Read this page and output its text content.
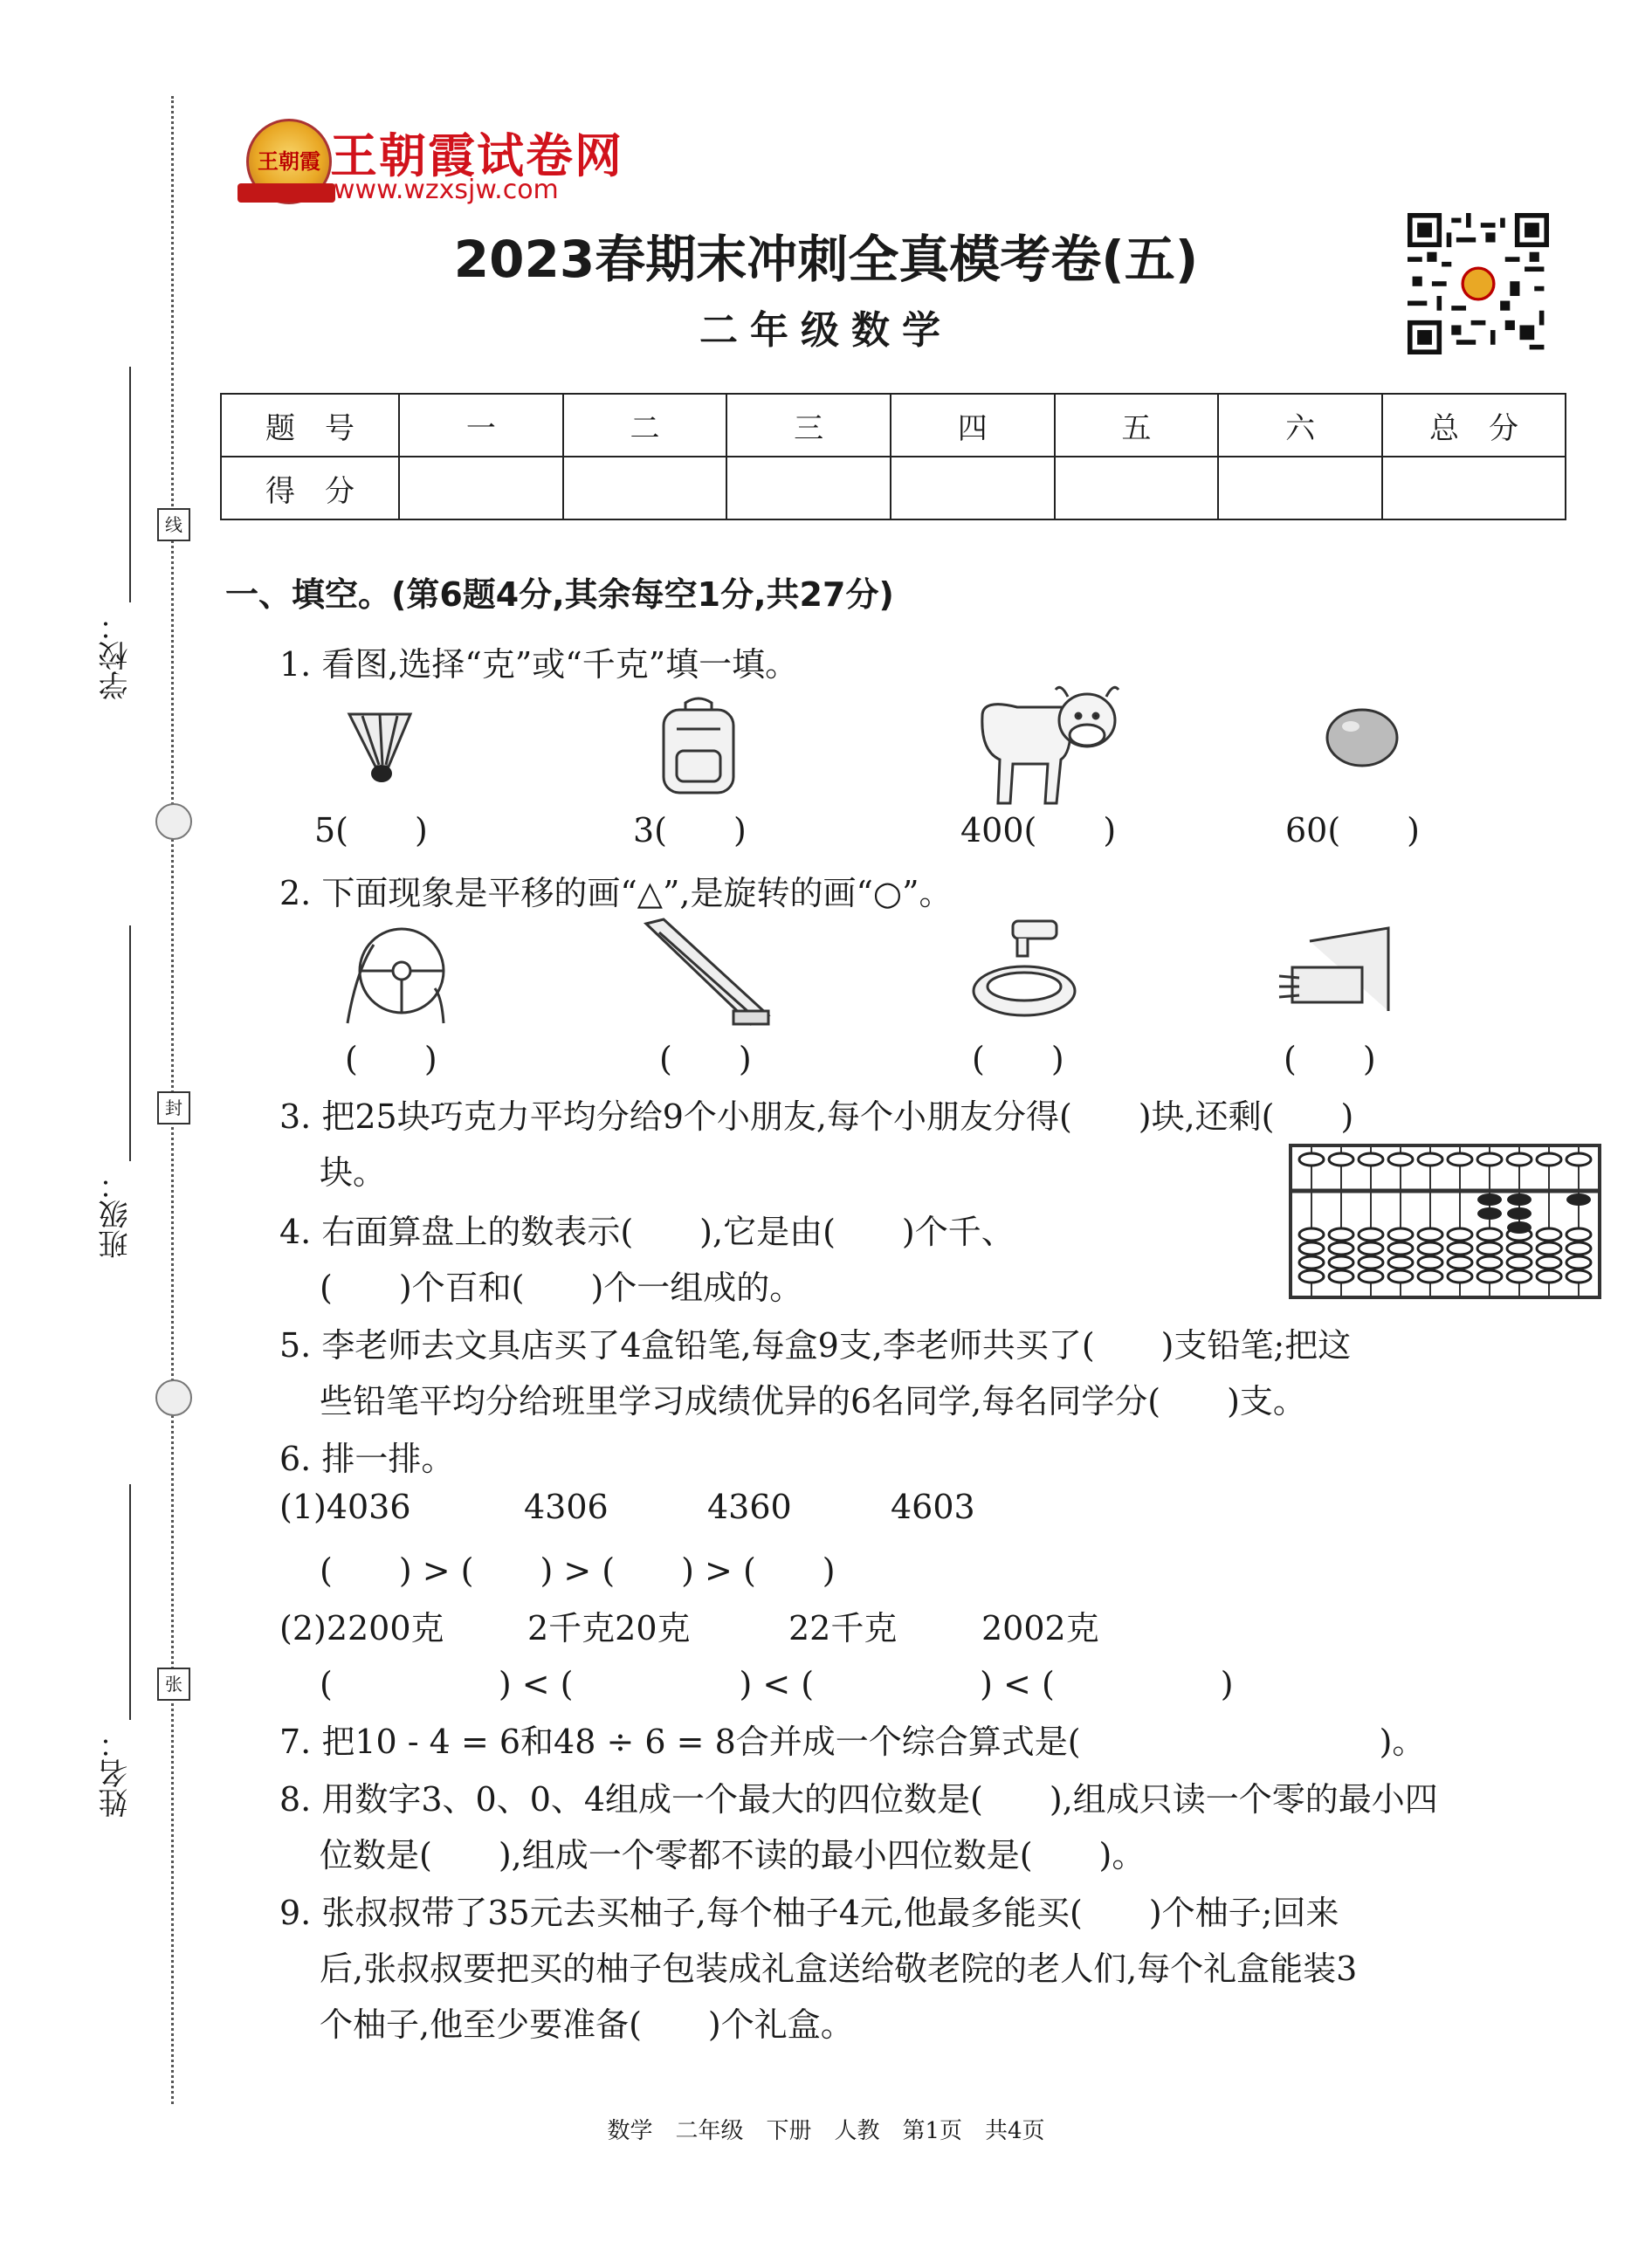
学校：
班级：
姓名：
线
封
张
王朝霞 王朝霞试卷网
www.wzxsjw.com
2023春期末冲刺全真模考卷(五)
二年级数学
题　号	一	二	三	四	五	六	总　分
得　分							
一、填空。(第6题4分,其余每空1分,共27分)
1. 看图,选择“克”或“千克”填一填。
5(　　)	3(　　)	400(　　)	60(　　)
2. 下面现象是平移的画“△”,是旋转的画“○”。
(　　)	(　　)	(　　)	(　　)
3. 把25块巧克力平均分给9个小朋友,每个小朋友分得(　　)块,还剩(　　)
块。
4. 右面算盘上的数表示(　　),它是由(　　)个千、
(　　)个百和(　　)个一组成的。
5. 李老师去文具店买了4盒铅笔,每盒9支,李老师共买了(　　)支铅笔;把这
些铅笔平均分给班里学习成绩优异的6名同学,每名同学分(　　)支。
6. 排一排。
(1)4036	4306	4360	4603
(　　) > (　　) > (　　) > (　　)
(2)2200克	2千克20克	22千克	2002克
(　　　　　) < (　　　　　) < (　　　　　) < (　　　　　)
7. 把10 - 4 = 6和48 ÷ 6 = 8合并成一个综合算式是(　　　　　　　　　)。
8. 用数字3、0、0、4组成一个最大的四位数是(　　),组成只读一个零的最小四
位数是(　　),组成一个零都不读的最小四位数是(　　)。
9. 张叔叔带了35元去买柚子,每个柚子4元,他最多能买(　　)个柚子;回来
后,张叔叔要把买的柚子包装成礼盒送给敬老院的老人们,每个礼盒能装3
个柚子,他至少要准备(　　)个礼盒。
数学　二年级　下册　人教　第1页　共4页
